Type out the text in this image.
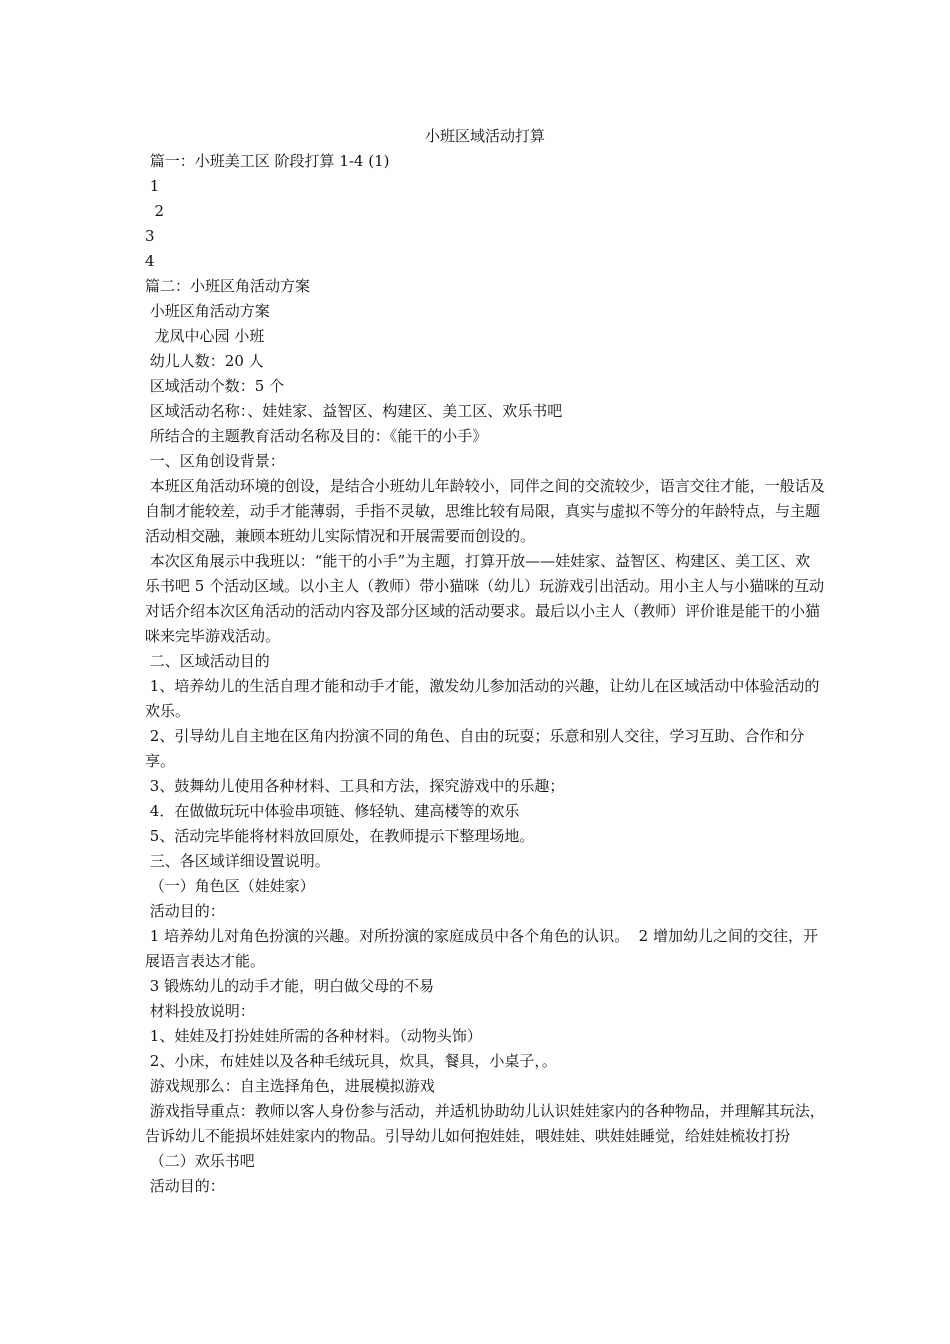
小班区域活动打算
篇一：小班美工区 阶段打算 1-4 (1)
1
2
3
4
篇二：小班区角活动方案
小班区角活动方案
龙凤中心园 小班
幼儿人数：20 人
区域活动个数：5 个
区域活动名称：、娃娃家、益智区、构建区、美工区、欢乐书吧
所结合的主题教育活动名称及目的：《能干的小手》
一、区角创设背景：
本班区角活动环境的创设，是结合小班幼儿年龄较小，同伴之间的交流较少，语言交往才能，一般话及自制才能较差，动手才能薄弱，手指不灵敏，思维比较有局限，真实与虚拟不等分的年龄特点，与主题活动相交融，兼顾本班幼儿实际情况和开展需要而创设的。
本次区角展示中我班以：“能干的小手”为主题，打算开放——娃娃家、益智区、构建区、美工区、欢乐书吧 5 个活动区域。以小主人（教师）带小猫咪（幼儿）玩游戏引出活动。用小主人与小猫咪的互动对话介绍本次区角活动的活动内容及部分区域的活动要求。最后以小主人（教师）评价谁是能干的小猫咪来完毕游戏活动。
二、区域活动目的
1、培养幼儿的生活自理才能和动手才能，激发幼儿参加活动的兴趣，让幼儿在区域活动中体验活动的欢乐。
2、引导幼儿自主地在区角内扮演不同的角色、自由的玩耍；乐意和别人交往，学习互助、合作和分享。
3、鼓舞幼儿使用各种材料、工具和方法，探究游戏中的乐趣；
4．在做做玩玩中体验串项链、修轻轨、建高楼等的欢乐
5、活动完毕能将材料放回原处，在教师提示下整理场地。
三、各区域详细设置说明。
（一）角色区（娃娃家）
活动目的：
1 培养幼儿对角色扮演的兴趣。对所扮演的家庭成员中各个角色的认识。  2 增加幼儿之间的交往，开展语言表达才能。
3 锻炼幼儿的动手才能，明白做父母的不易
材料投放说明：
1、娃娃及打扮娃娃所需的各种材料。（动物头饰）
2、小床，布娃娃以及各种毛绒玩具，炊具，餐具，小桌子，。
游戏规那么：自主选择角色，进展模拟游戏
游戏指导重点：教师以客人身份参与活动，并适机协助幼儿认识娃娃家内的各种物品，并理解其玩法，告诉幼儿不能损坏娃娃家内的物品。引导幼儿如何抱娃娃，喂娃娃、哄娃娃睡觉，给娃娃梳妆打扮
（二）欢乐书吧
活动目的：
